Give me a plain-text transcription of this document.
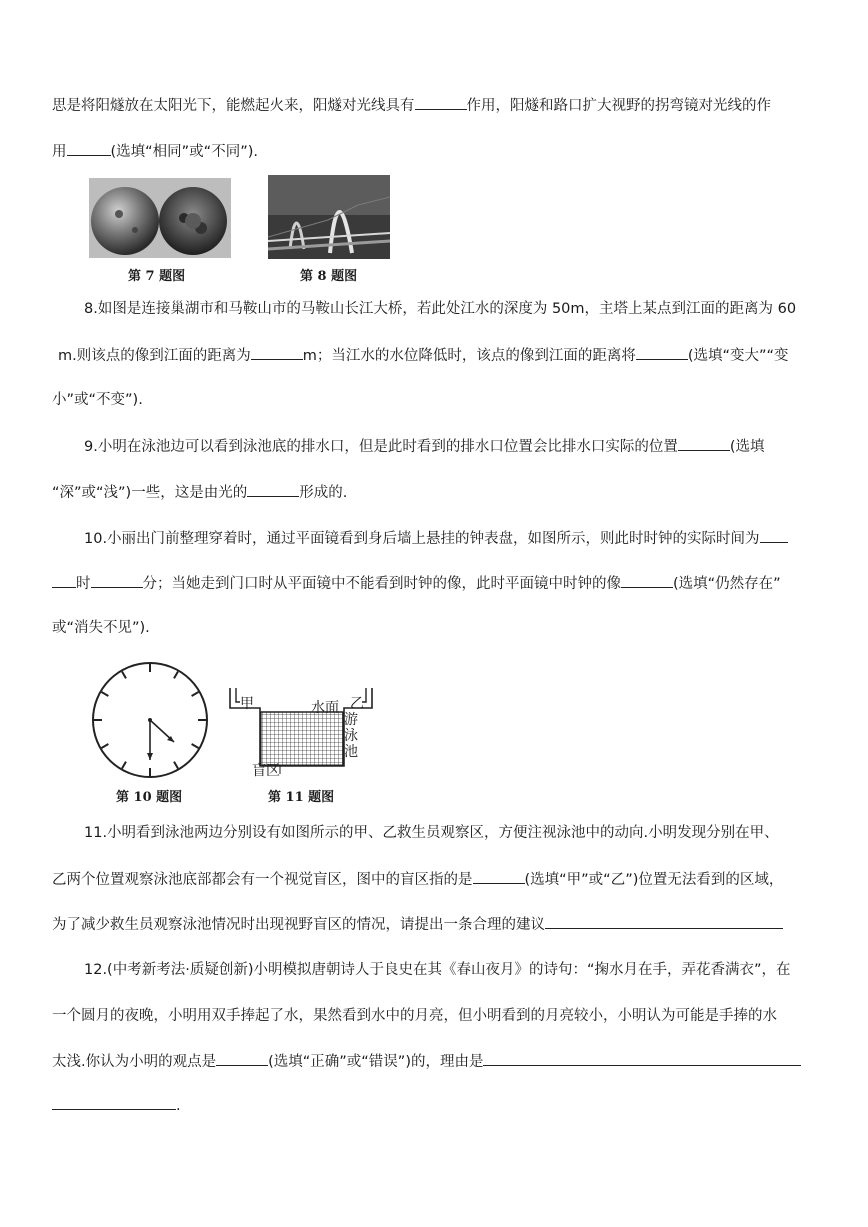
思是将阳燧放在太阳光下，能燃起火来，阳燧对光线具有	作用，阳燧和路口扩大视野的拐弯镜对光线的作
用	(选填“相同”或“不同”).
第 7 题图	第 8 题图
8.如图是连接巢湖市和马鞍山市的马鞍山长江大桥，若此处江水的深度为 50m，主塔上某点到江面的距离为 60
m.则该点的像到江面的距离为	m；当江水的水位降低时，该点的像到江面的距离将	(选填“变大”“变
小”或“不变”).
9.小明在泳池边可以看到泳池底的排水口，但是此时看到的排水口位置会比排水口实际的位置	(选填
“深”或“浅”)一些，这是由光的	形成的.
10.小丽出门前整理穿着时，通过平面镜看到身后墙上悬挂的钟表盘，如图所示，则此时时钟的实际时间为
时	分；当她走到门口时从平面镜中不能看到时钟的像，此时平面镜中时钟的像	(选填“仍然存在”
或“消失不见”).
第 10 题图
甲	乙
水面
游泳池
盲区
第 11 题图
11.小明看到泳池两边分别设有如图所示的甲、乙救生员观察区，方便注视泳池中的动向.小明发现分别在甲、
乙两个位置观察泳池底部都会有一个视觉盲区，图中的盲区指的是	(选填“甲”或“乙”)位置无法看到的区域，
为了减少救生员观察泳池情况时出现视野盲区的情况，请提出一条合理的建议
12.(中考新考法·质疑创新)小明模拟唐朝诗人于良史在其《春山夜月》的诗句：“掬水月在手，弄花香满衣”，在
一个圆月的夜晚，小明用双手捧起了水，果然看到水中的月亮，但小明看到的月亮较小，小明认为可能是手捧的水
太浅.你认为小明的观点是	(选填“正确”或“错误”)的，理由是
.
